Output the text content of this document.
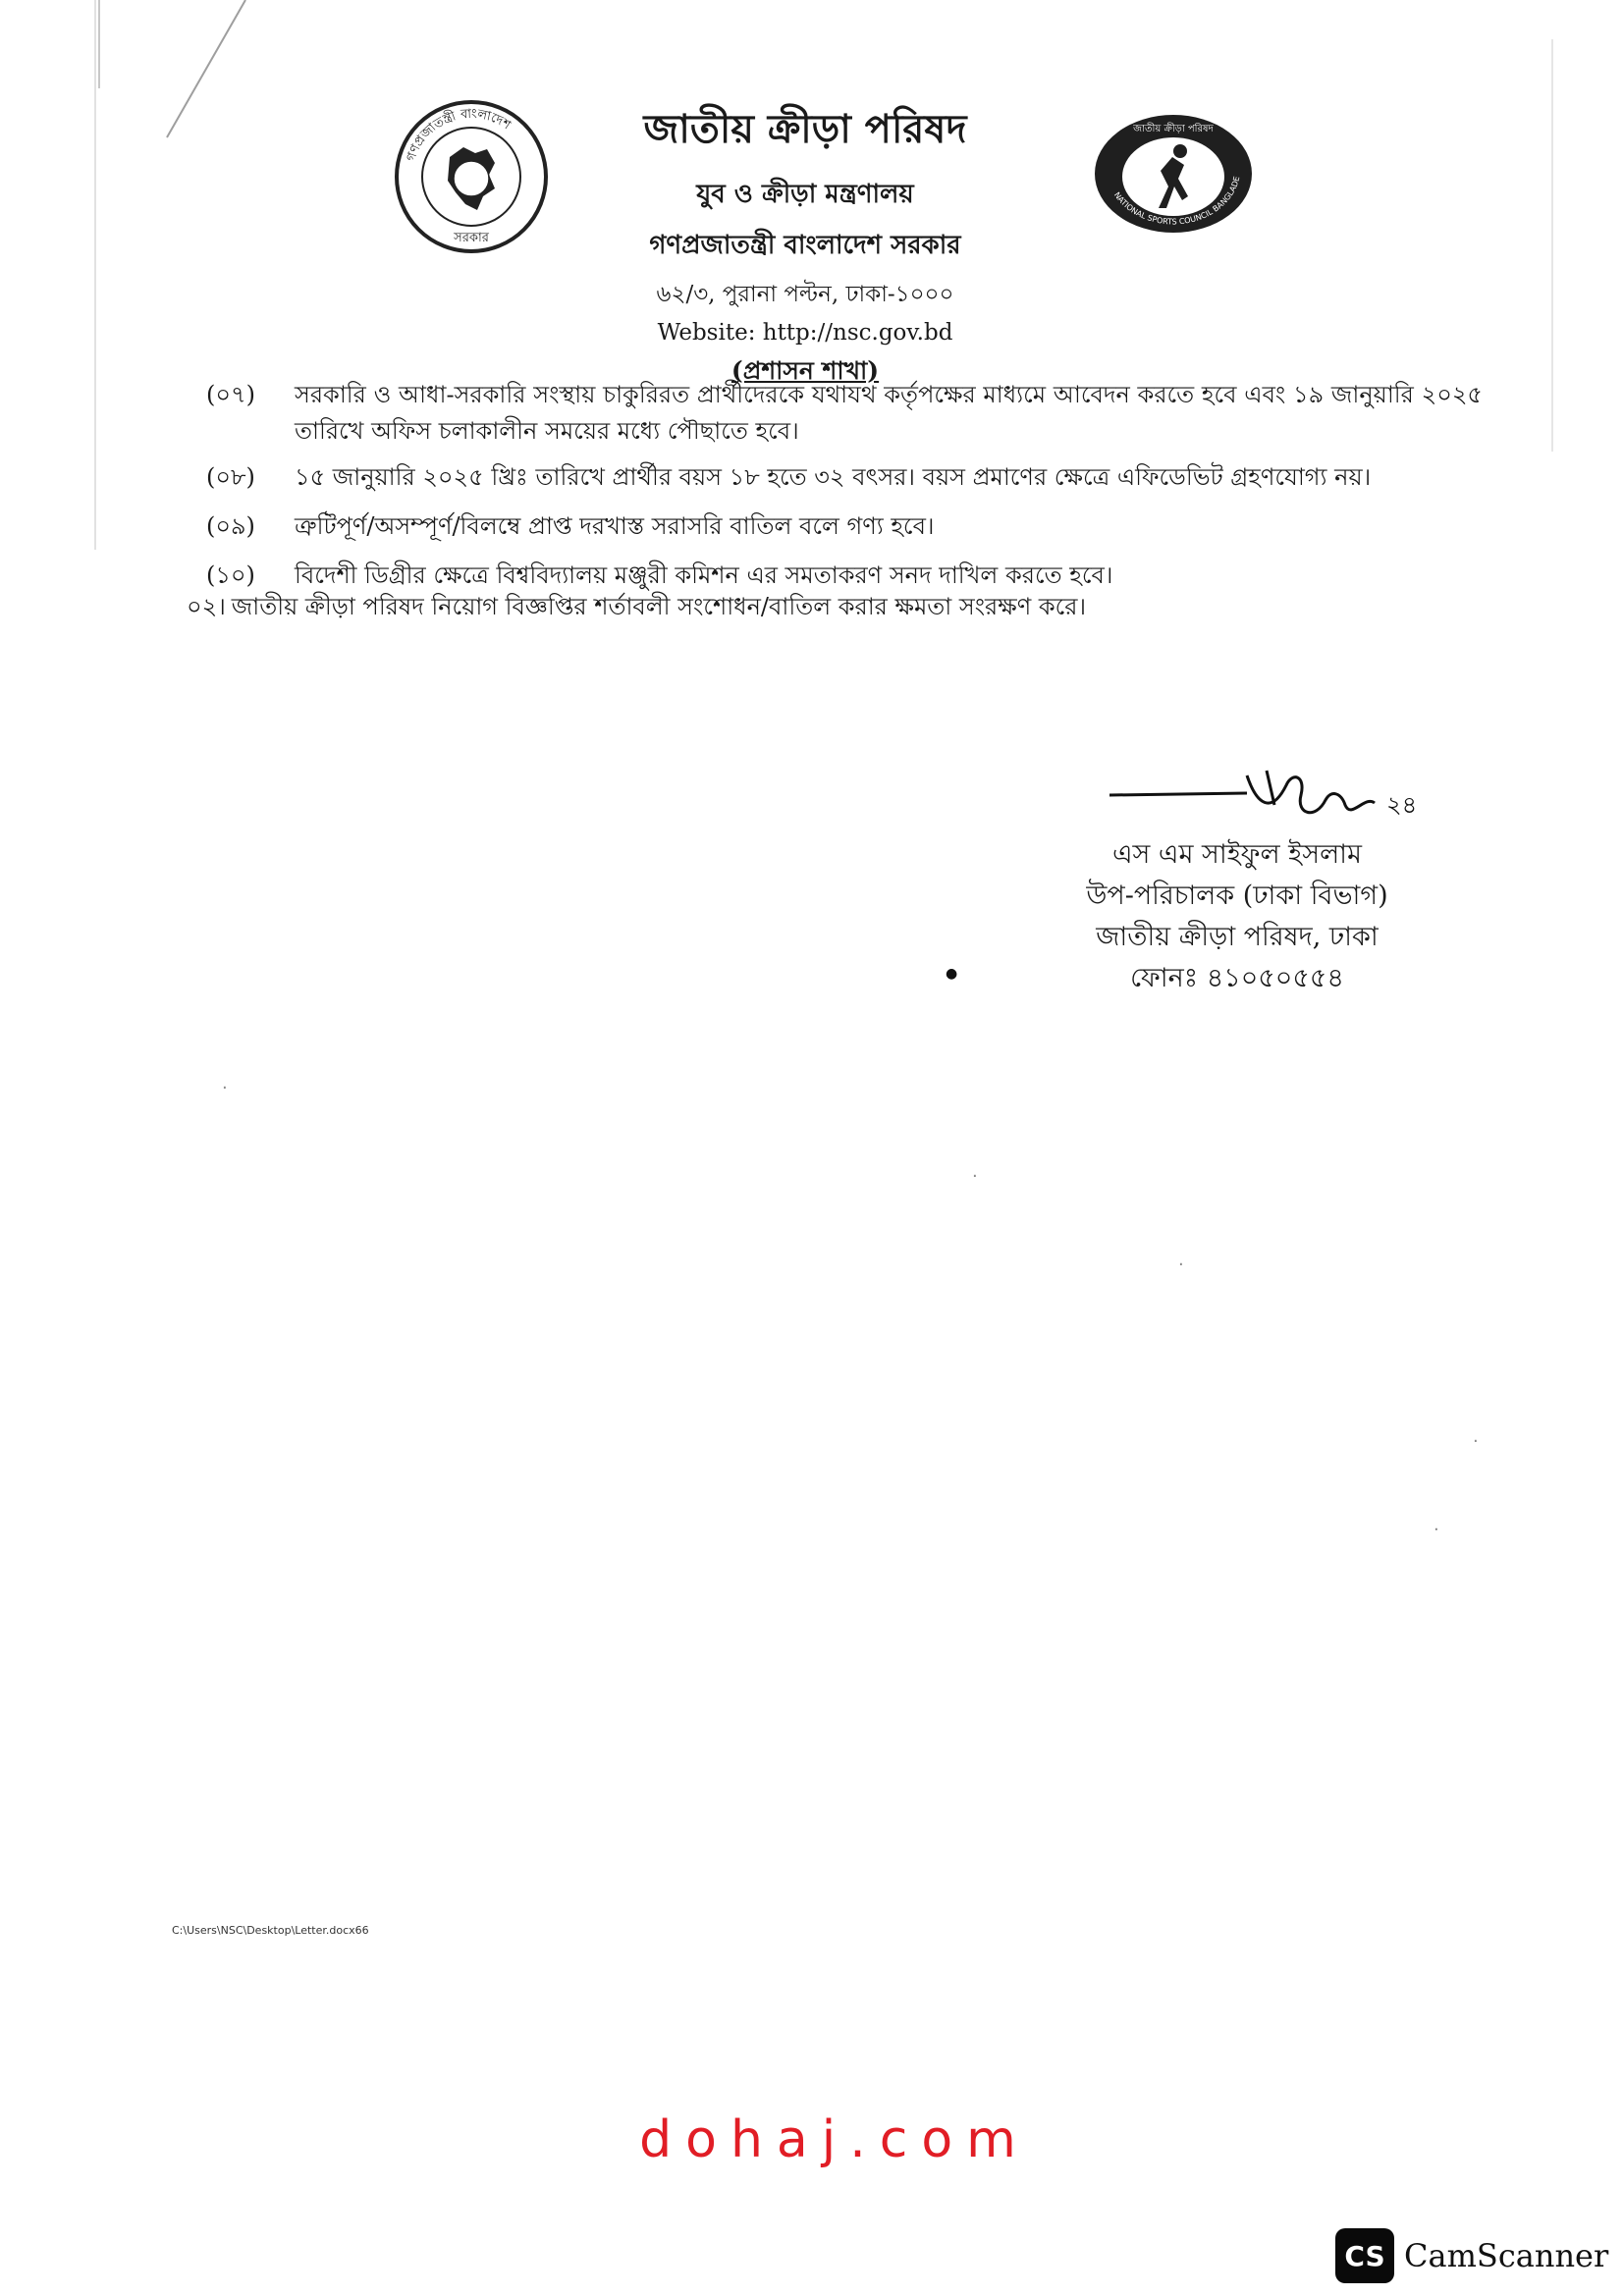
গণপ্রজাতন্ত্রী বাংলাদেশ
সরকার
জাতীয় ক্রীড়া পরিষদ
NATIONAL SPORTS COUNCIL BANGLADE
জাতীয় ক্রীড়া পরিষদ
যুব ও ক্রীড়া মন্ত্রণালয়
গণপ্রজাতন্ত্রী বাংলাদেশ সরকার
৬২/৩, পুরানা পল্টন, ঢাকা-১০০০
Website: http://nsc.gov.bd
(প্রশাসন শাখা)
(০৭)	সরকারি ও আধা-সরকারি সংস্থায় চাকুরিরত প্রার্থীদেরকে যথাযথ কর্তৃপক্ষের মাধ্যমে আবেদন করতে হবে এবং ১৯ জানুয়ারি ২০২৫ তারিখে অফিস চলাকালীন সময়ের মধ্যে পৌছাতে হবে।
(০৮)	১৫ জানুয়ারি ২০২৫ খ্রিঃ তারিখে প্রার্থীর বয়স ১৮ হতে ৩২ বৎসর। বয়স প্রমাণের ক্ষেত্রে এফিডেভিট গ্রহণযোগ্য নয়।
(০৯)	ত্রুটিপূর্ণ/অসম্পূর্ণ/বিলম্বে প্রাপ্ত দরখাস্ত সরাসরি বাতিল বলে গণ্য হবে।
(১০)	বিদেশী ডিগ্রীর ক্ষেত্রে বিশ্ববিদ্যালয় মঞ্জুরী কমিশন এর সমতাকরণ সনদ দাখিল করতে হবে।
০২। জাতীয় ক্রীড়া পরিষদ নিয়োগ বিজ্ঞপ্তির শর্তাবলী সংশোধন/বাতিল করার ক্ষমতা সংরক্ষণ করে।
২৪
এস এম সাইফুল ইসলাম
উপ-পরিচালক (ঢাকা বিভাগ)
জাতীয় ক্রীড়া পরিষদ, ঢাকা
ফোনঃ ৪১০৫০৫৫৪
●
·
·
·
·
·
C:\Users\NSC\Desktop\Letter.docx66
dohaj.com
CS CamScanner
